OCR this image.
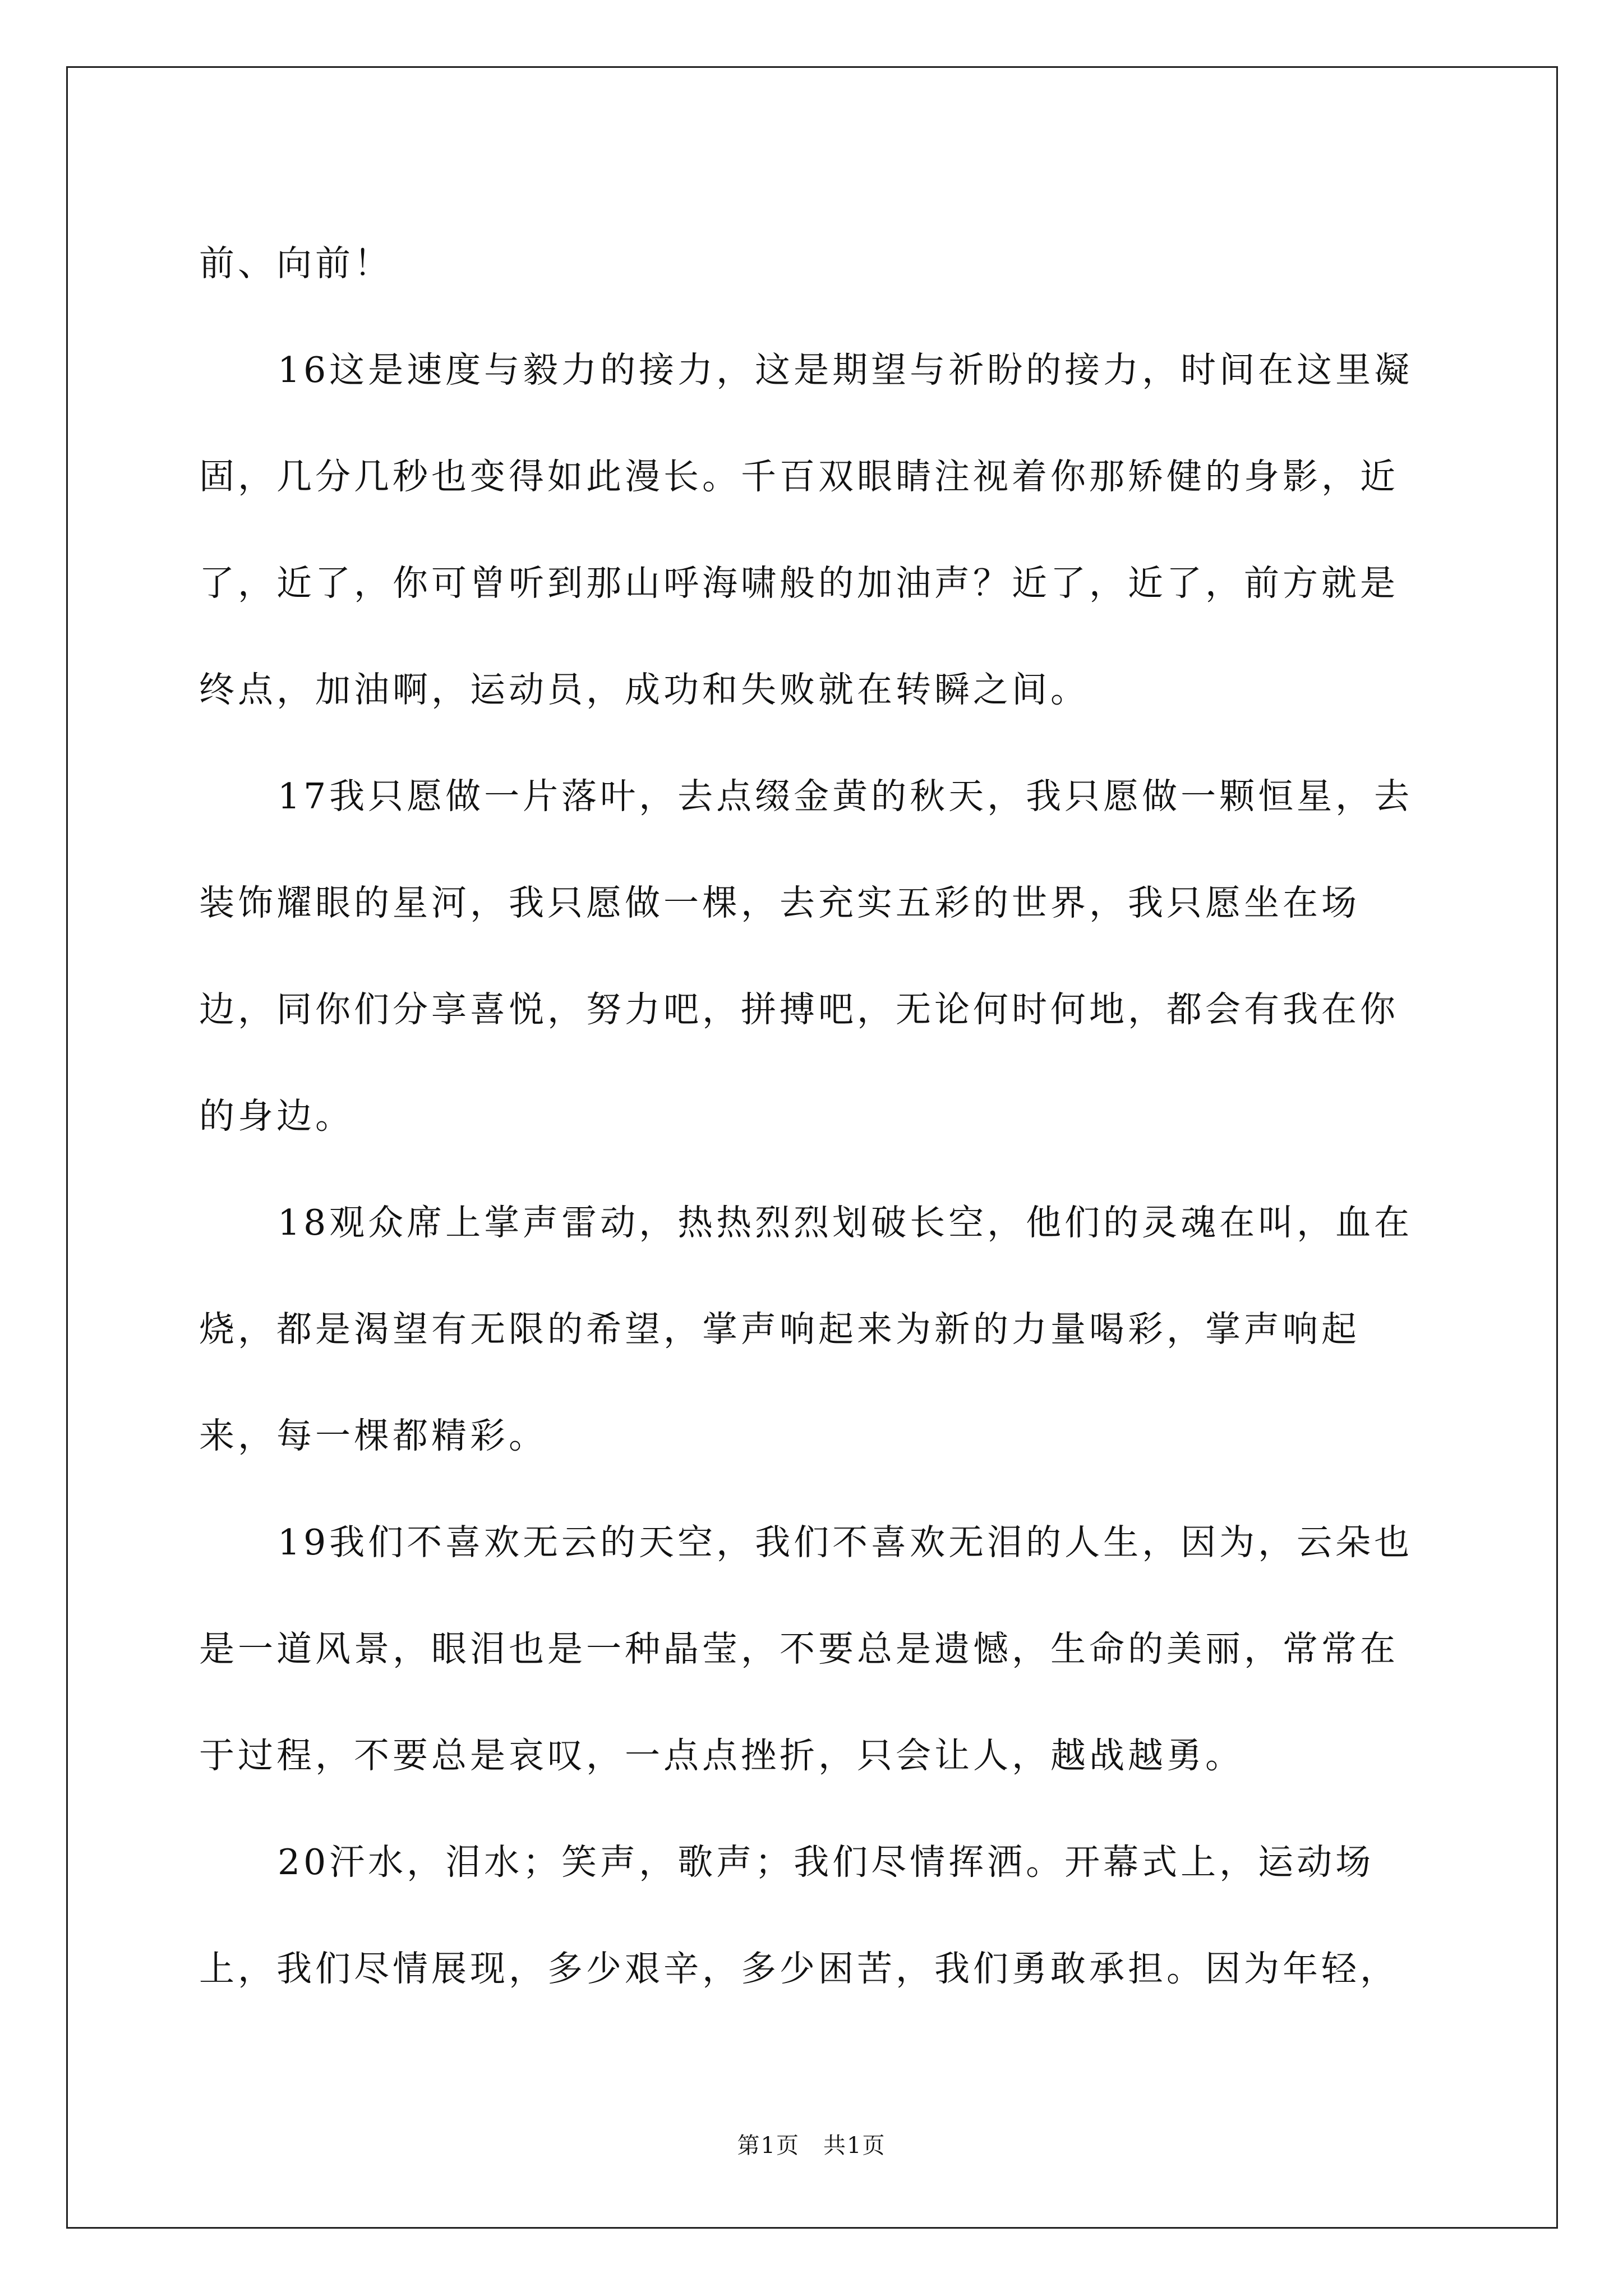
前、向前！

16这是速度与毅力的接力，这是期望与祈盼的接力，时间在这里凝固，几分几秒也变得如此漫长。千百双眼睛注视着你那矫健的身影，近了，近了，你可曾听到那山呼海啸般的加油声？近了，近了，前方就是终点，加油啊，运动员，成功和失败就在转瞬之间。

17我只愿做一片落叶，去点缀金黄的秋天，我只愿做一颗恒星，去装饰耀眼的星河，我只愿做一棵，去充实五彩的世界，我只愿坐在场边，同你们分享喜悦，努力吧，拼搏吧，无论何时何地，都会有我在你的身边。

18观众席上掌声雷动，热热烈烈划破长空，他们的灵魂在叫，血在烧，都是渴望有无限的希望，掌声响起来为新的力量喝彩，掌声响起来，每一棵都精彩。

19我们不喜欢无云的天空，我们不喜欢无泪的人生，因为，云朵也是一道风景，眼泪也是一种晶莹，不要总是遗憾，生命的美丽，常常在于过程，不要总是哀叹，一点点挫折，只会让人，越战越勇。

20汗水，泪水；笑声，歌声；我们尽情挥洒。开幕式上，运动场上，我们尽情展现，多少艰辛，多少困苦，我们勇敢承担。因为年轻，

第1页　共1页
